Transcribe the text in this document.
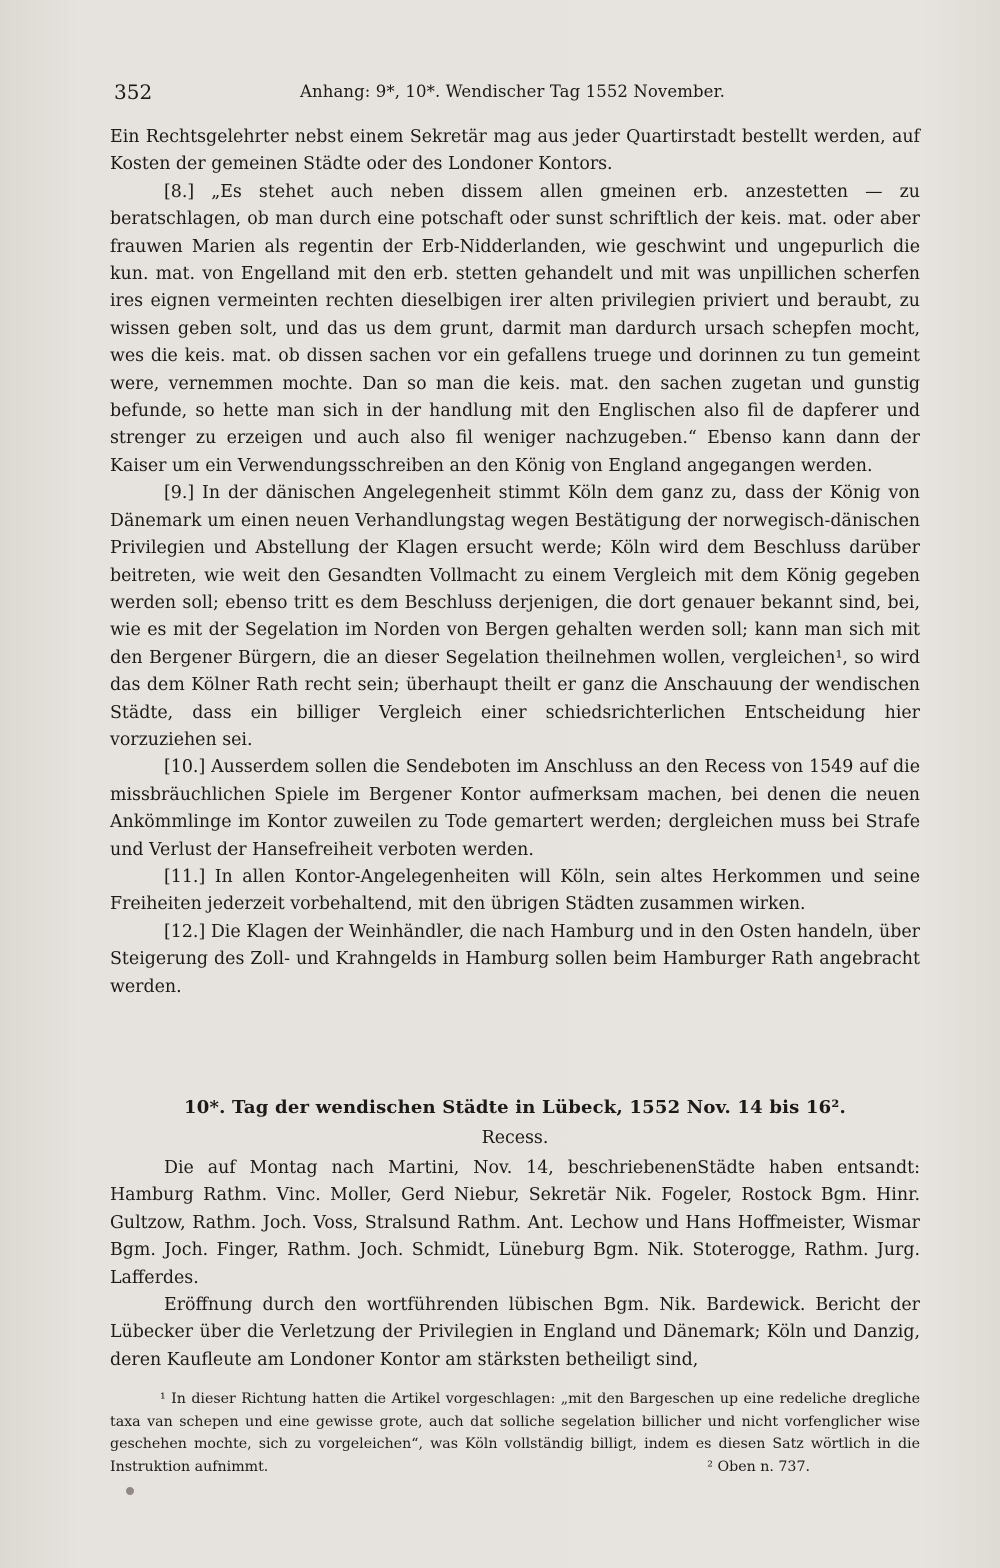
352	Anhang: 9*, 10*. Wendischer Tag 1552 November.

Ein Rechtsgelehrter nebst einem Sekretär mag aus jeder Quartirstadt bestellt werden, auf Kosten der gemeinen Städte oder des Londoner Kontors.

[8.] „Es stehet auch neben dissem allen gmeinen erb. anzestetten — zu beratschlagen, ob man durch eine potschaft oder sunst schriftlich der keis. mat. oder aber frauwen Marien als regentin der Erb-Nidderlanden, wie geschwint und ungepurlich die kun. mat. von Engelland mit den erb. stetten gehandelt und mit was unpillichen scherfen ires eignen vermeinten rechten dieselbigen irer alten privilegien priviert und beraubt, zu wissen geben solt, und das us dem grunt, darmit man dardurch ursach schepfen mocht, wes die keis. mat. ob dissen sachen vor ein gefallens truege und dorinnen zu tun gemeint were, vernemmen mochte. Dan so man die keis. mat. den sachen zugetan und gunstig befunde, so hette man sich in der handlung mit den Englischen also fil de dapferer und strenger zu erzeigen und auch also fil weniger nachzugeben.“ Ebenso kann dann der Kaiser um ein Verwendungsschreiben an den König von England angegangen werden.

[9.] In der dänischen Angelegenheit stimmt Köln dem ganz zu, dass der König von Dänemark um einen neuen Verhandlungstag wegen Bestätigung der norwegisch-dänischen Privilegien und Abstellung der Klagen ersucht werde; Köln wird dem Beschluss darüber beitreten, wie weit den Gesandten Vollmacht zu einem Vergleich mit dem König gegeben werden soll; ebenso tritt es dem Beschluss derjenigen, die dort genauer bekannt sind, bei, wie es mit der Segelation im Norden von Bergen gehalten werden soll; kann man sich mit den Bergener Bürgern, die an dieser Segelation theilnehmen wollen, vergleichen¹, so wird das dem Kölner Rath recht sein; überhaupt theilt er ganz die Anschauung der wendischen Städte, dass ein billiger Vergleich einer schiedsrichterlichen Entscheidung hier vorzuziehen sei.

[10.] Ausserdem sollen die Sendeboten im Anschluss an den Recess von 1549 auf die missbräuchlichen Spiele im Bergener Kontor aufmerksam machen, bei denen die neuen Ankömmlinge im Kontor zuweilen zu Tode gemartert werden; dergleichen muss bei Strafe und Verlust der Hansefreiheit verboten werden.

[11.] In allen Kontor-Angelegenheiten will Köln, sein altes Herkommen und seine Freiheiten jederzeit vorbehaltend, mit den übrigen Städten zusammen wirken.

[12.] Die Klagen der Weinhändler, die nach Hamburg und in den Osten handeln, über Steigerung des Zoll- und Krahngelds in Hamburg sollen beim Hamburger Rath angebracht werden.

10*. Tag der wendischen Städte in Lübeck, 1552 Nov. 14 bis 16².

Recess.

Die auf Montag nach Martini, Nov. 14, beschriebenenStädte haben entsandt: Hamburg Rathm. Vinc. Moller, Gerd Niebur, Sekretär Nik. Fogeler, Rostock Bgm. Hinr. Gultzow, Rathm. Joch. Voss, Stralsund Rathm. Ant. Lechow und Hans Hoffmeister, Wismar Bgm. Joch. Finger, Rathm. Joch. Schmidt, Lüneburg Bgm. Nik. Stoterogge, Rathm. Jurg. Lafferdes.

Eröffnung durch den wortführenden lübischen Bgm. Nik. Bardewick. Bericht der Lübecker über die Verletzung der Privilegien in England und Dänemark; Köln und Danzig, deren Kaufleute am Londoner Kontor am stärksten betheiligt sind,

¹ In dieser Richtung hatten die Artikel vorgeschlagen: „mit den Bargeschen up eine redeliche dregliche taxa van schepen und eine gewisse grote, auch dat solliche segelation billicher und nicht vorfenglicher wise geschehen mochte, sich zu vorgeleichen“, was Köln vollständig billigt, indem es diesen Satz wörtlich in die Instruktion aufnimmt.	² Oben n. 737.
